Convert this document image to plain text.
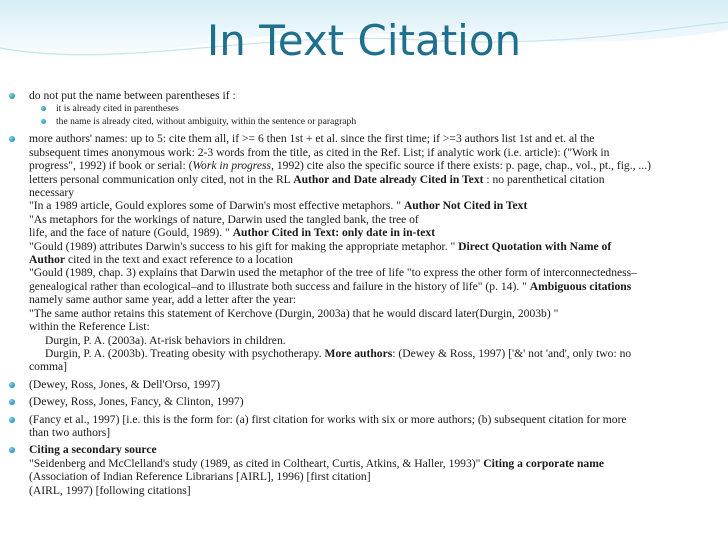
In Text Citation
do not put the name between parentheses if :
it is already cited in parentheses
the name is already cited, without ambiguity, within the sentence or paragraph
more authors' names: up to 5: cite them all, if >= 6 then 1st + et al. since the first time; if >=3 authors list 1st and et. al the
subsequent times anonymous work: 2-3 words from the title, as cited in the Ref. List; if analytic work (i.e. article): ("Work in
progress", 1992) if book or serial: (Work in progress, 1992) cite also the specific source if there exists: p. page, chap., vol., pt., fig., ...)
letters personal communication only cited, not in the RL Author and Date already Cited in Text : no parenthetical citation
necessary
"In a 1989 article, Gould explores some of Darwin's most effective metaphors. " Author Not Cited in Text
"As metaphors for the workings of nature, Darwin used the tangled bank, the tree of
life, and the face of nature (Gould, 1989). " Author Cited in Text: only date in in-text
"Gould (1989) attributes Darwin's success to his gift for making the appropriate metaphor. " Direct Quotation with Name of
Author cited in the text and exact reference to a location
"Gould (1989, chap. 3) explains that Darwin used the metaphor of the tree of life "to express the other form of interconnectedness–
genealogical rather than ecological–and to illustrate both success and failure in the history of life" (p. 14). " Ambiguous citations
namely same author same year, add a letter after the year:
"The same author retains this statement of Kerchove (Durgin, 2003a) that he would discard later(Durgin, 2003b) "
within the Reference List:
Durgin, P. A. (2003a). At-risk behaviors in children.
Durgin, P. A. (2003b). Treating obesity with psychotherapy. More authors: (Dewey & Ross, 1997) ['&' not 'and', only two: no
comma]
(Dewey, Ross, Jones, & Dell'Orso, 1997)
(Dewey, Ross, Jones, Fancy, & Clinton, 1997)
(Fancy et al., 1997) [i.e. this is the form for: (a) first citation for works with six or more authors; (b) subsequent citation for more
than two authors]
Citing a secondary source
"Seidenberg and McClelland's study (1989, as cited in Coltheart, Curtis, Atkins, & Haller, 1993)" Citing a corporate name
(Association of Indian Reference Librarians [AIRL], 1996) [first citation]
(AIRL, 1997) [following citations]
